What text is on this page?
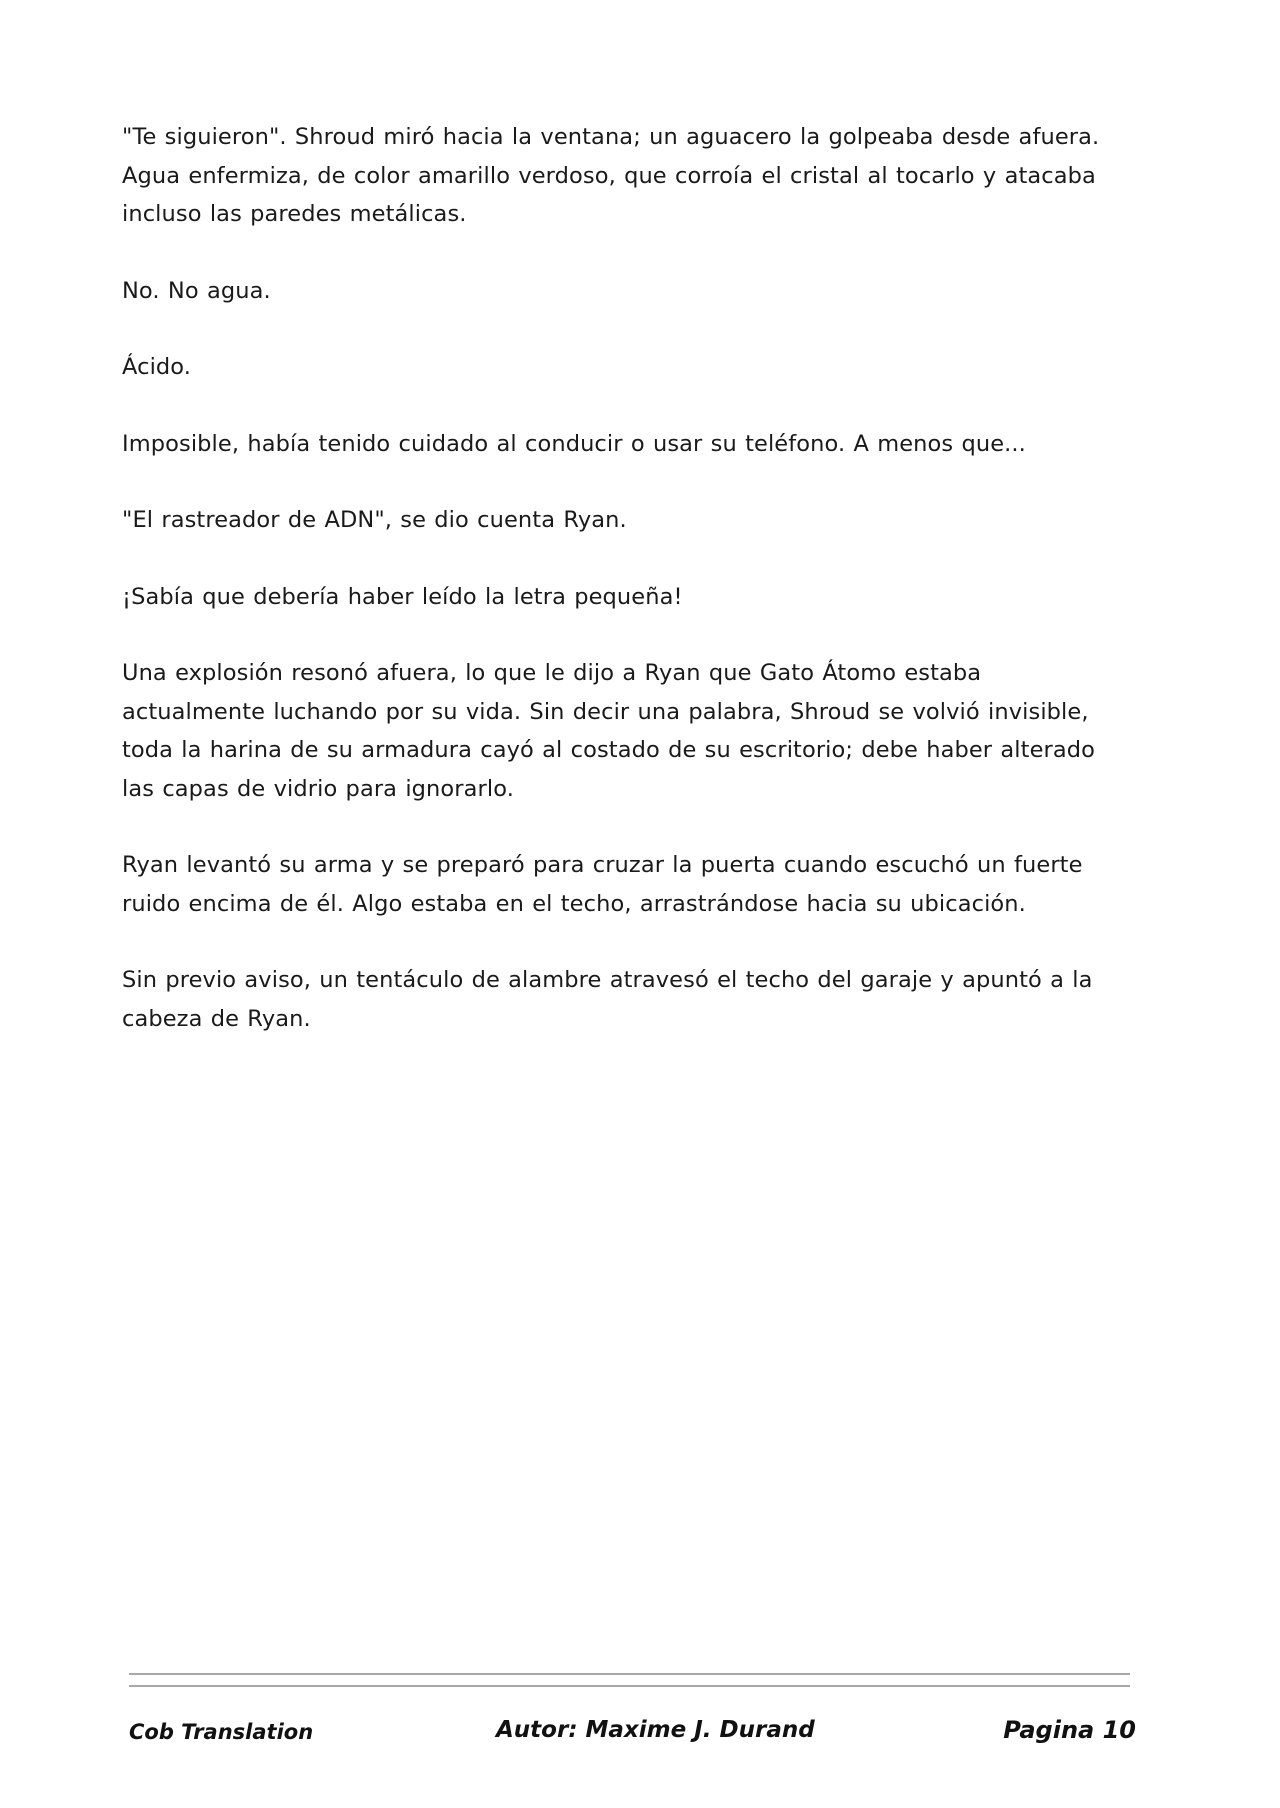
"Te siguieron". Shroud miró hacia la ventana; un aguacero la golpeaba desde afuera. Agua enfermiza, de color amarillo verdoso, que corroía el cristal al tocarlo y atacaba incluso las paredes metálicas.

No. No agua.

Ácido.

Imposible, había tenido cuidado al conducir o usar su teléfono. A menos que...

"El rastreador de ADN", se dio cuenta Ryan.

¡Sabía que debería haber leído la letra pequeña!

Una explosión resonó afuera, lo que le dijo a Ryan que Gato Átomo estaba actualmente luchando por su vida. Sin decir una palabra, Shroud se volvió invisible, toda la harina de su armadura cayó al costado de su escritorio; debe haber alterado las capas de vidrio para ignorarlo.

Ryan levantó su arma y se preparó para cruzar la puerta cuando escuchó un fuerte ruido encima de él. Algo estaba en el techo, arrastrándose hacia su ubicación.

Sin previo aviso, un tentáculo de alambre atravesó el techo del garaje y apuntó a la cabeza de Ryan.

Cob Translation	Autor: Maxime J. Durand	Pagina 10
